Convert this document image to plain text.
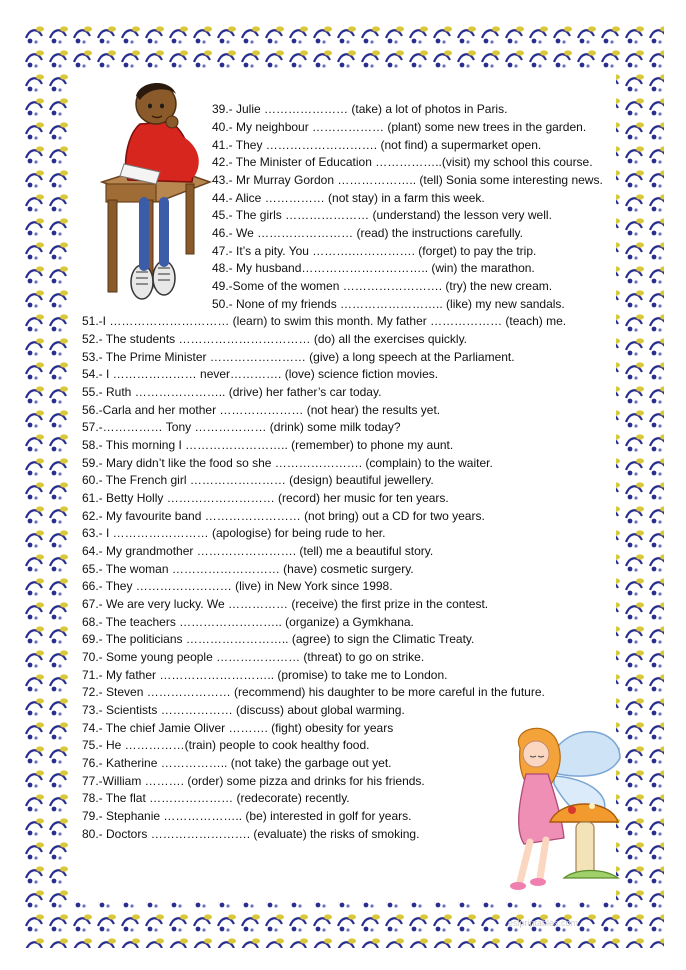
39.- Julie ………………… (take) a lot of photos in Paris.
40.- My neighbour ……………… (plant) some new trees in the garden.
41.- They ………………………. (not find) a supermarket open.
42.- The Minister of Education ……………..(visit) my school this course.
43.- Mr Murray Gordon ……………….. (tell) Sonia some interesting news.
44.- Alice …………… (not stay) in a farm this week.
45.- The girls ………………… (understand) the lesson very well.
46.- We …………………… (read) the instructions carefully.
47.- It’s a pity. You ……….……………. (forget) to pay the trip.
48.- My husband………………………….. (win) the marathon.
49.-Some of the women ……………………. (try) the new cream.
50.- None of my friends …………………….. (like) my new sandals.
51.-I ………………………… (learn) to swim this month. My father ……………… (teach) me.
52.- The students …………………………… (do) all the exercises quickly.
53.- The Prime Minister …………………… (give) a long speech at the Parliament.
54.- I ………………… never…………. (love) science fiction movies.
55.- Ruth ………………….. (drive) her father’s car today.
56.-Carla and her mother ………………… (not hear) the results yet.
57.-…………… Tony ……………… (drink) some milk today?
58.- This morning I …………………….. (remember) to phone my aunt.
59.- Mary didn’t like the food so she …………………. (complain) to the waiter.
60.- The French girl …………………… (design) beautiful jewellery.
61.- Betty Holly ……………………… (record) her music for ten years.
62.- My favourite band …………………… (not bring) out a CD for two years.
63.- I …………………… (apologise) for being rude to her.
64.- My grandmother ……………………. (tell) me a beautiful story.
65.- The woman ……………………… (have) cosmetic surgery.
66.- They …………………… (live) in New York since 1998.
67.- We are very lucky. We …………… (receive) the first prize in the contest.
68.- The teachers …………………….. (organize) a Gymkhana.
69.- The politicians …………………….. (agree) to sign the Climatic Treaty.
70.- Some young people ………………… (threat) to go on strike.
71.- My father ……………………….. (promise) to take me to London.
72.- Steven ………………… (recommend) his daughter to be more careful in the future.
73.- Scientists ……………… (discuss) about global warming.
74.- The chief Jamie Oliver ………. (fight) obesity for years
75.- He ……………(train) people to cook healthy food.
76.- Katherine …………….. (not take) the garbage out yet.
77.-William ………. (order) some pizza and drinks for his friends.
78.- The flat ………………… (redecorate) recently.
79.- Stephanie ……………….. (be) interested in golf for years.
80.- Doctors ……………………. (evaluate) the risks of smoking.
eslprintables.com
